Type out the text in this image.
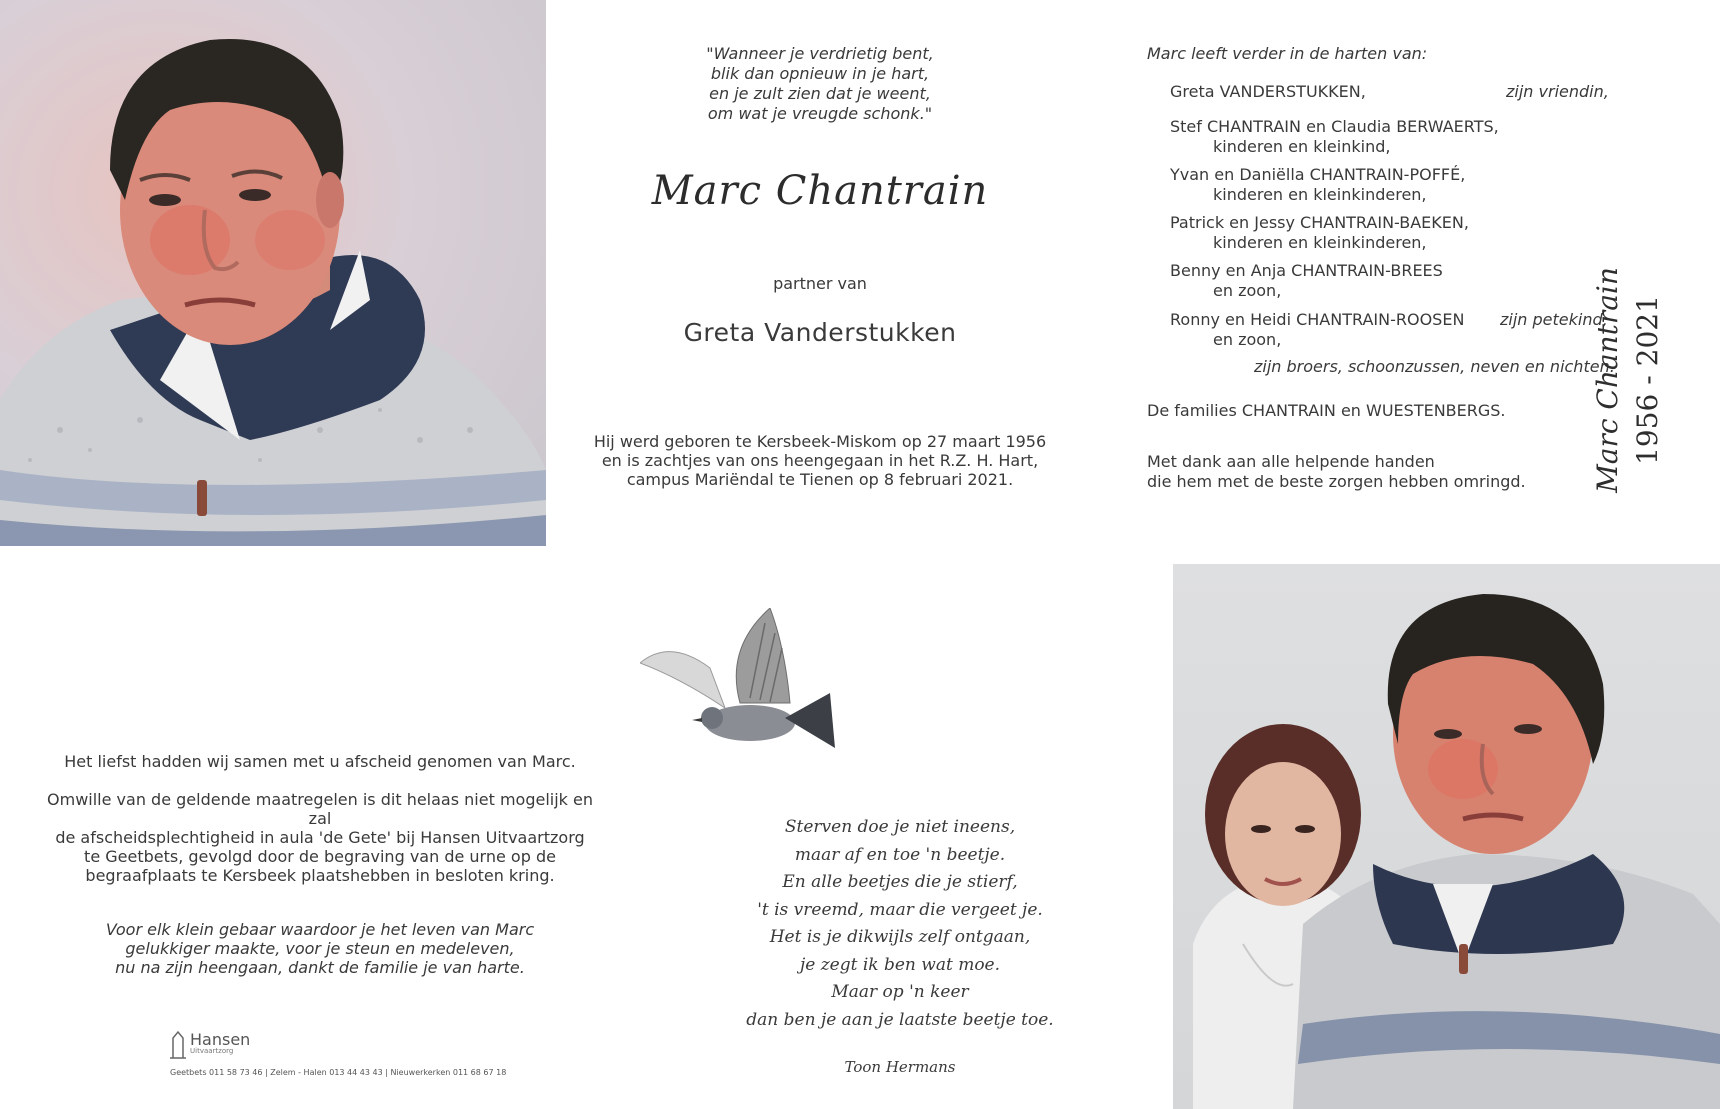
"Wanneer je verdrietig bent,
blik dan opnieuw in je hart,
en je zult zien dat je weent,
om wat je vreugde schonk."
Marc Chantrain
partner van
Greta Vanderstukken
Hij werd geboren te Kersbeek-Miskom op 27 maart 1956
en is zachtjes van ons heengegaan in het R.Z. H. Hart,
campus Mariëndal te Tienen op 8 februari 2021.
Marc leeft verder in de harten van:
Greta VANDERSTUKKEN,	zijn vriendin,
Stef CHANTRAIN en Claudia BERWAERTS,
kinderen en kleinkind,
Yvan en Daniëlla CHANTRAIN-POFFÉ,
kinderen en kleinkinderen,
Patrick en Jessy CHANTRAIN-BAEKEN,
kinderen en kleinkinderen,
Benny en Anja CHANTRAIN-BREES
en zoon,
Ronny en Heidi CHANTRAIN-ROOSEN
en zoon,
zijn petekind,
zijn broers, schoonzussen, neven en nichten.
De families CHANTRAIN en WUESTENBERGS.
Met dank aan alle helpende handen
die hem met de beste zorgen hebben omringd. Marc Chantrain 1956 - 2021
Het liefst hadden wij samen met u afscheid genomen van Marc.
Omwille van de geldende maatregelen is dit helaas niet mogelijk en zal
de afscheidsplechtigheid in aula 'de Gete' bij Hansen Uitvaartzorg
te Geetbets, gevolgd door de begraving van de urne op de
begraafplaats te Kersbeek plaatshebben in besloten kring.
Voor elk klein gebaar waardoor je het leven van Marc
gelukkiger maakte, voor je steun en medeleven,
nu na zijn heengaan, dankt de familie je van harte.
Hansen
Uitvaartzorg
Geetbets 011 58 73 46 | Zelem - Halen 013 44 43 43 | Nieuwerkerken 011 68 67 18
Sterven doe je niet ineens,
maar af en toe 'n beetje.
En alle beetjes die je stierf,
't is vreemd, maar die vergeet je.
Het is je dikwijls zelf ontgaan,
je zegt ik ben wat moe.
Maar op 'n keer
dan ben je aan je laatste beetje toe.
Toon Hermans
